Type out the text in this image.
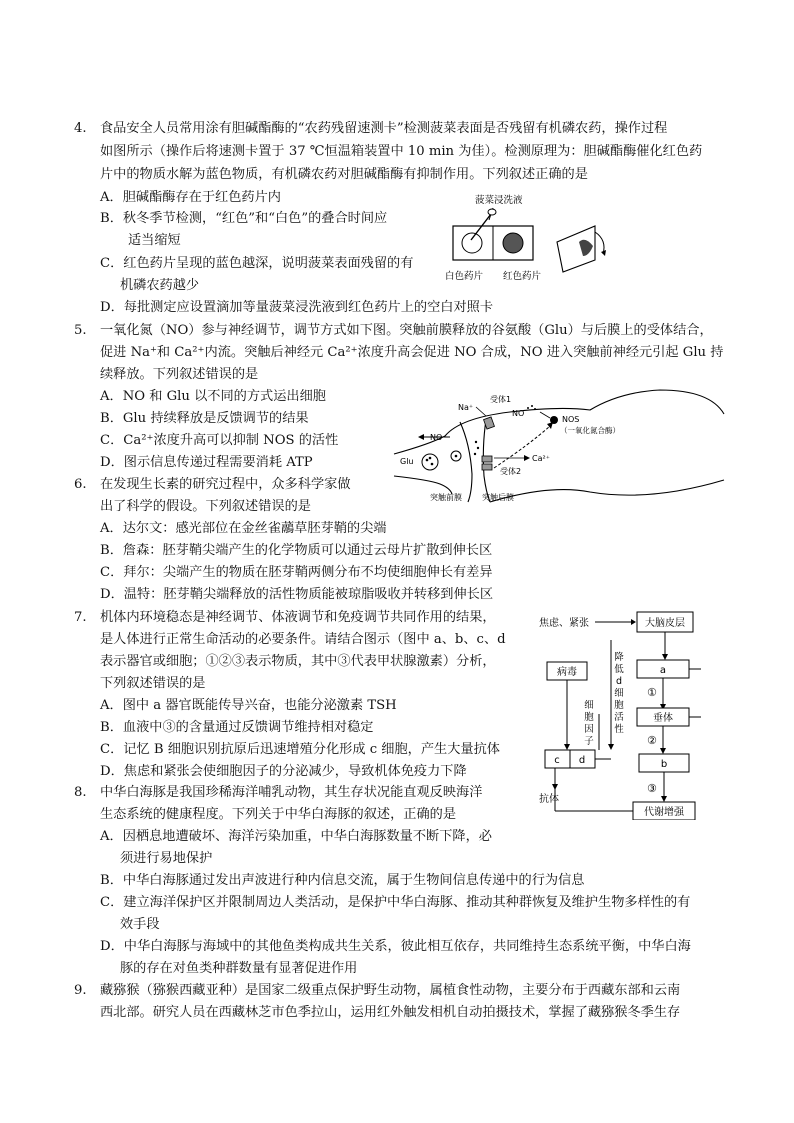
4. 食品安全人员常用涂有胆碱酯酶的“农药残留速测卡”检测菠菜表面是否残留有机磷农药，操作过程
如图所示（操作后将速测卡置于 37 ℃恒温箱装置中 10 min 为佳）。检测原理为：胆碱酯酶催化红色药
片中的物质水解为蓝色物质，有机磷农药对胆碱酯酶有抑制作用。下列叙述正确的是
A．胆碱酯酶存在于红色药片内
B．秋冬季节检测，“红色”和“白色”的叠合时间应
适当缩短
C．红色药片呈现的蓝色越深，说明菠菜表面残留的有
机磷农药越少
D．每批测定应设置滴加等量菠菜浸洗液到红色药片上的空白对照卡
菠菜浸洗液
白色药片 红色药片
5. 一氧化氮（NO）参与神经调节，调节方式如下图。突触前膜释放的谷氨酸（Glu）与后膜上的受体结合，
促进 Na⁺和 Ca²⁺内流。突触后神经元 Ca²⁺浓度升高会促进 NO 合成，NO 进入突触前神经元引起 Glu 持
续释放。下列叙述错误的是
A．NO 和 Glu 以不同的方式运出细胞
B．Glu 持续释放是反馈调节的结果
C．Ca²⁺浓度升高可以抑制 NOS 的活性
D．图示信息传递过程需要消耗 ATP	Glu
NO
Na⁺
受体1
NO
NOS
（一氧化氮合酶）
Ca²⁺
受体2
突触前膜	突触后膜
6. 在发现生长素的研究过程中，众多科学家做
出了科学的假设。下列叙述错误的是
A．达尔文：感光部位在金丝雀虉草胚芽鞘的尖端
B．詹森：胚芽鞘尖端产生的化学物质可以通过云母片扩散到伸长区
C．拜尔：尖端产生的物质在胚芽鞘两侧分布不均使细胞伸长有差异
D．温特：胚芽鞘尖端释放的活性物质能被琼脂吸收并转移到伸长区
7. 机体内环境稳态是神经调节、体液调节和免疫调节共同作用的结果，
是人体进行正常生命活动的必要条件。请结合图示（图中 a、b、c、d
表示器官或细胞；①②③表示物质，其中③代表甲状腺激素）分析，
下列叙述错误的是
A．图中 a 器官既能传导兴奋，也能分泌激素 TSH
B．血液中③的含量通过反馈调节维持相对稳定
C．记忆 B 细胞识别抗原后迅速增殖分化形成 c 细胞，产生大量抗体
D．焦虑和紧张会使细胞因子的分泌减少，导致机体免疫力下降
焦虑、紧张	大脑皮层
降
低
d
细
胞
活
性
a
①
垂体
②
b
③
代谢增强
病毒
细
胞
因
子
c d
抗体
8. 中华白海豚是我国珍稀海洋哺乳动物，其生存状况能直观反映海洋
生态系统的健康程度。下列关于中华白海豚的叙述，正确的是
A．因栖息地遭破坏、海洋污染加重，中华白海豚数量不断下降，必
须进行易地保护
B．中华白海豚通过发出声波进行种内信息交流，属于生物间信息传递中的行为信息
C．建立海洋保护区并限制周边人类活动，是保护中华白海豚、推动其种群恢复及维护生物多样性的有
效手段
D．中华白海豚与海域中的其他鱼类构成共生关系，彼此相互依存，共同维持生态系统平衡，中华白海
豚的存在对鱼类种群数量有显著促进作用
9. 藏猕猴（猕猴西藏亚种）是国家二级重点保护野生动物，属植食性动物，主要分布于西藏东部和云南
西北部。研究人员在西藏林芝市色季拉山，运用红外触发相机自动拍摄技术，掌握了藏猕猴冬季生存
